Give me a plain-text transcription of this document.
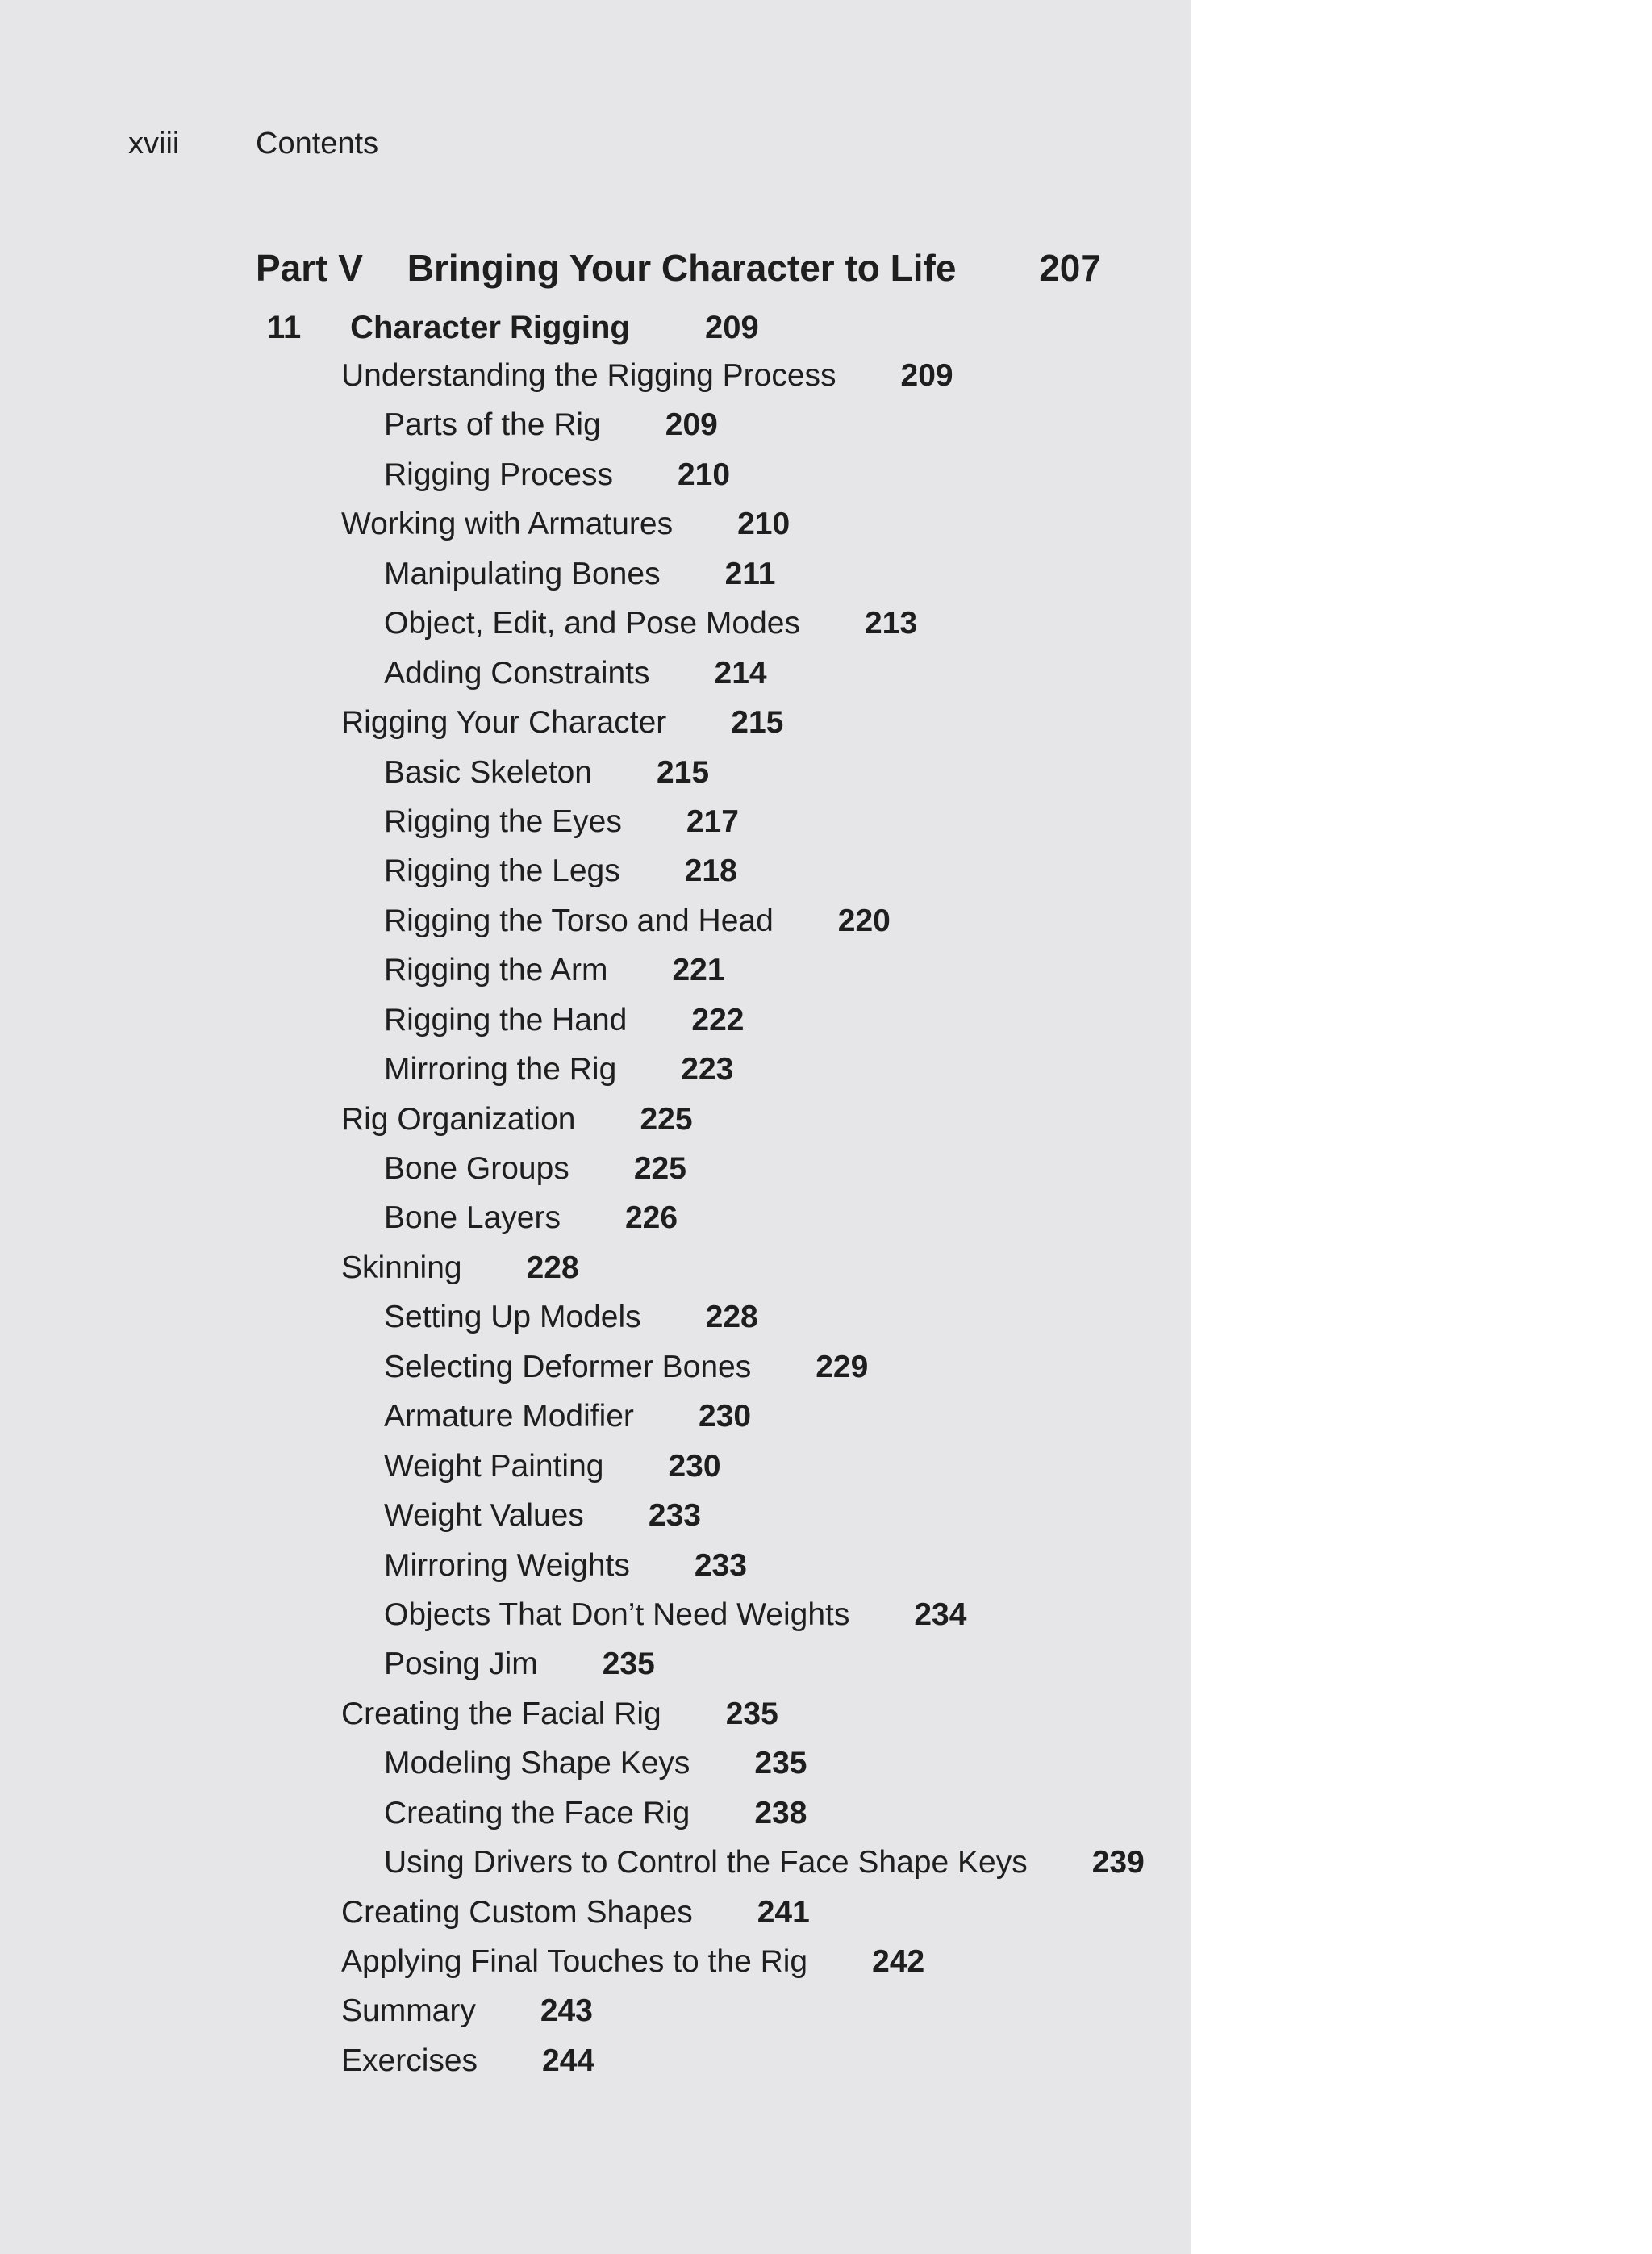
xviii Contents
Part V Bringing Your Character to Life 207
11 Character Rigging 209
Understanding the Rigging Process 209
Parts of the Rig 209
Rigging Process 210
Working with Armatures 210
Manipulating Bones 211
Object, Edit, and Pose Modes 213
Adding Constraints 214
Rigging Your Character 215
Basic Skeleton 215
Rigging the Eyes 217
Rigging the Legs 218
Rigging the Torso and Head 220
Rigging the Arm 221
Rigging the Hand 222
Mirroring the Rig 223
Rig Organization 225
Bone Groups 225
Bone Layers 226
Skinning 228
Setting Up Models 228
Selecting Deformer Bones 229
Armature Modifier 230
Weight Painting 230
Weight Values 233
Mirroring Weights 233
Objects That Don’t Need Weights 234
Posing Jim 235
Creating the Facial Rig 235
Modeling Shape Keys 235
Creating the Face Rig 238
Using Drivers to Control the Face Shape Keys 239
Creating Custom Shapes 241
Applying Final Touches to the Rig 242
Summary 243
Exercises 244
